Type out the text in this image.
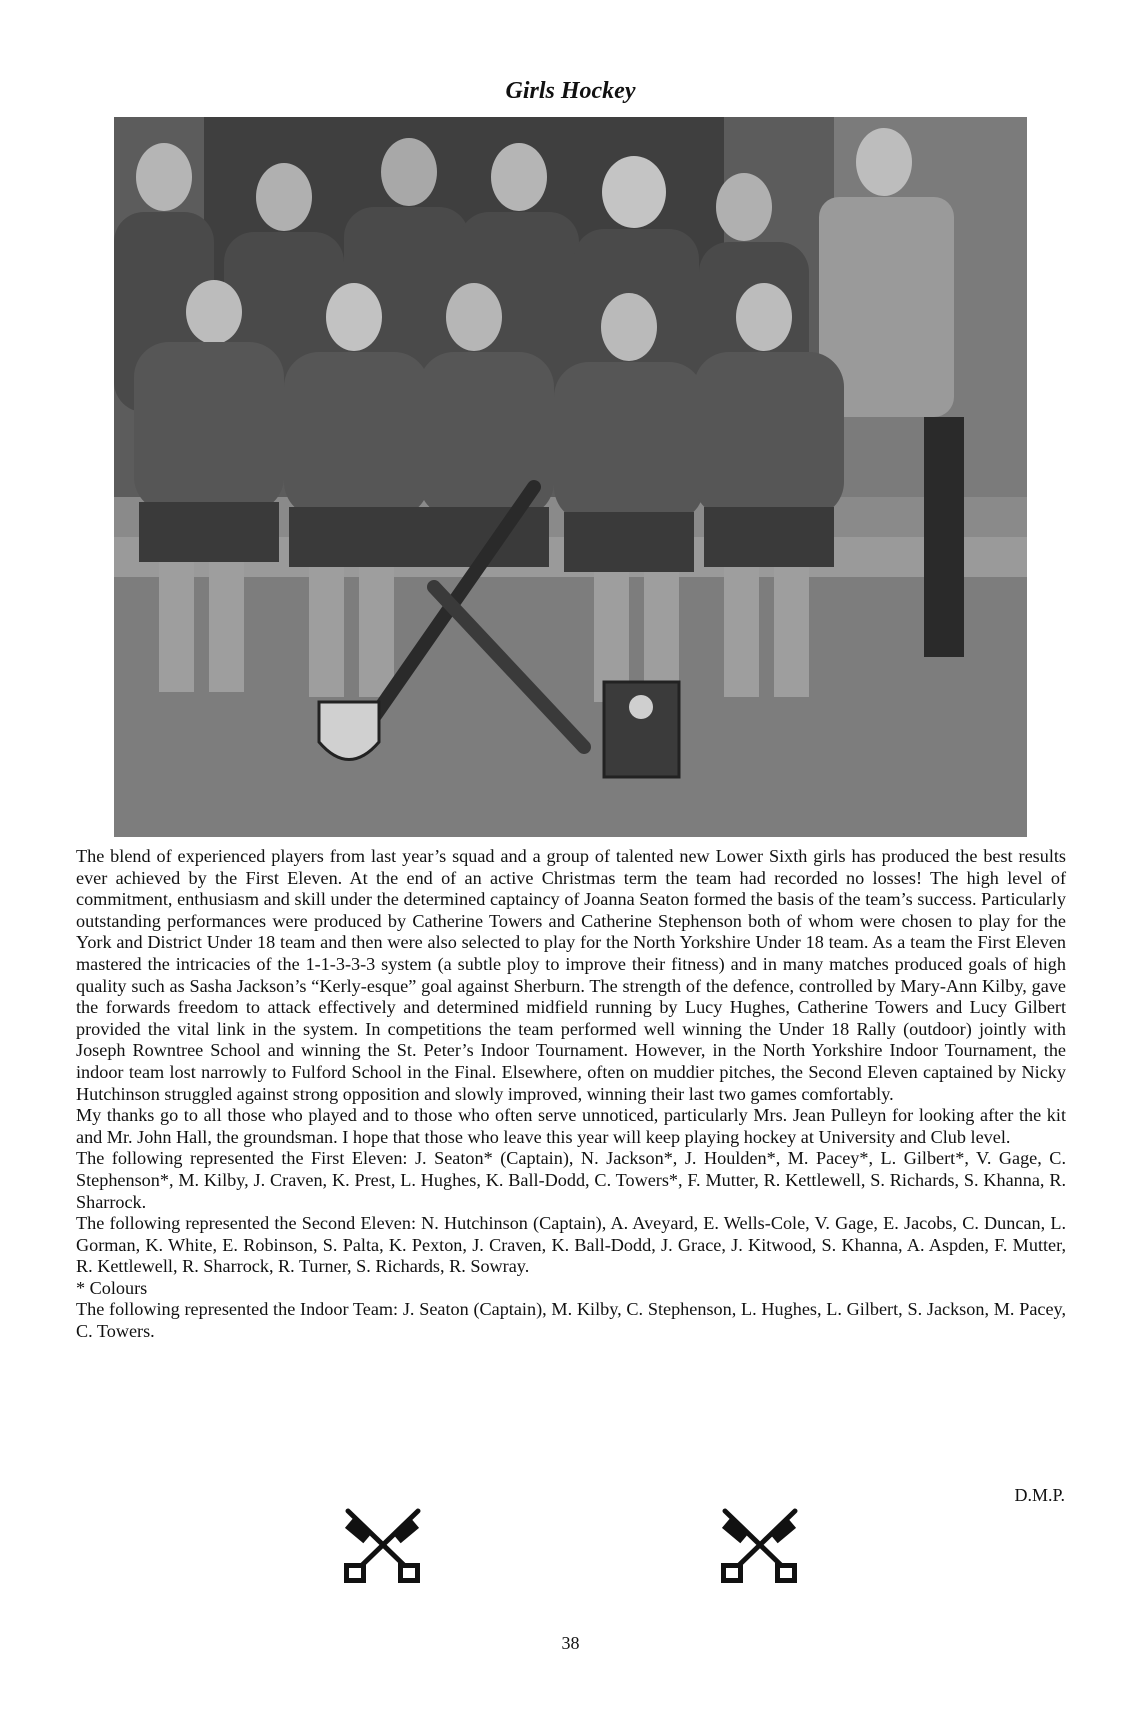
Girls Hockey

The blend of experienced players from last year’s squad and a group of talented new Lower Sixth girls has produced the best results ever achieved by the First Eleven. At the end of an active Christmas term the team had recorded no losses! The high level of commitment, enthusiasm and skill under the determined captaincy of Joanna Seaton formed the basis of the team’s success. Particularly outstanding performances were produced by Catherine Towers and Catherine Stephenson both of whom were chosen to play for the York and District Under 18 team and then were also selected to play for the North Yorkshire Under 18 team. As a team the First Eleven mastered the intricacies of the 1-1-3-3-3 system (a subtle ploy to improve their fitness) and in many matches produced goals of high quality such as Sasha Jackson’s “Kerly-esque” goal against Sherburn. The strength of the defence, controlled by Mary-Ann Kilby, gave the forwards freedom to attack effectively and determined midfield running by Lucy Hughes, Catherine Towers and Lucy Gilbert provided the vital link in the system. In competitions the team performed well winning the Under 18 Rally (outdoor) jointly with Joseph Rowntree School and winning the St. Peter’s Indoor Tournament. However, in the North Yorkshire Indoor Tournament, the indoor team lost narrowly to Fulford School in the Final. Elsewhere, often on muddier pitches, the Second Eleven captained by Nicky Hutchinson struggled against strong opposition and slowly improved, winning their last two games comfortably.

My thanks go to all those who played and to those who often serve unnoticed, particularly Mrs. Jean Pulleyn for looking after the kit and Mr. John Hall, the groundsman. I hope that those who leave this year will keep playing hockey at University and Club level.

The following represented the First Eleven: J. Seaton* (Captain), N. Jackson*, J. Houlden*, M. Pacey*, L. Gilbert*, V. Gage, C. Stephenson*, M. Kilby, J. Craven, K. Prest, L. Hughes, K. Ball-Dodd, C. Towers*, F. Mutter, R. Kettlewell, S. Richards, S. Khanna, R. Sharrock.

The following represented the Second Eleven: N. Hutchinson (Captain), A. Aveyard, E. Wells-Cole, V. Gage, E. Jacobs, C. Duncan, L. Gorman, K. White, E. Robinson, S. Palta, K. Pexton, J. Craven, K. Ball-Dodd, J. Grace, J. Kitwood, S. Khanna, A. Aspden, F. Mutter, R. Kettlewell, R. Sharrock, R. Turner, S. Richards, R. Sowray.

* Colours

The following represented the Indoor Team: J. Seaton (Captain), M. Kilby, C. Stephenson, L. Hughes, L. Gilbert, S. Jackson, M. Pacey, C. Towers.

D.M.P.
38
